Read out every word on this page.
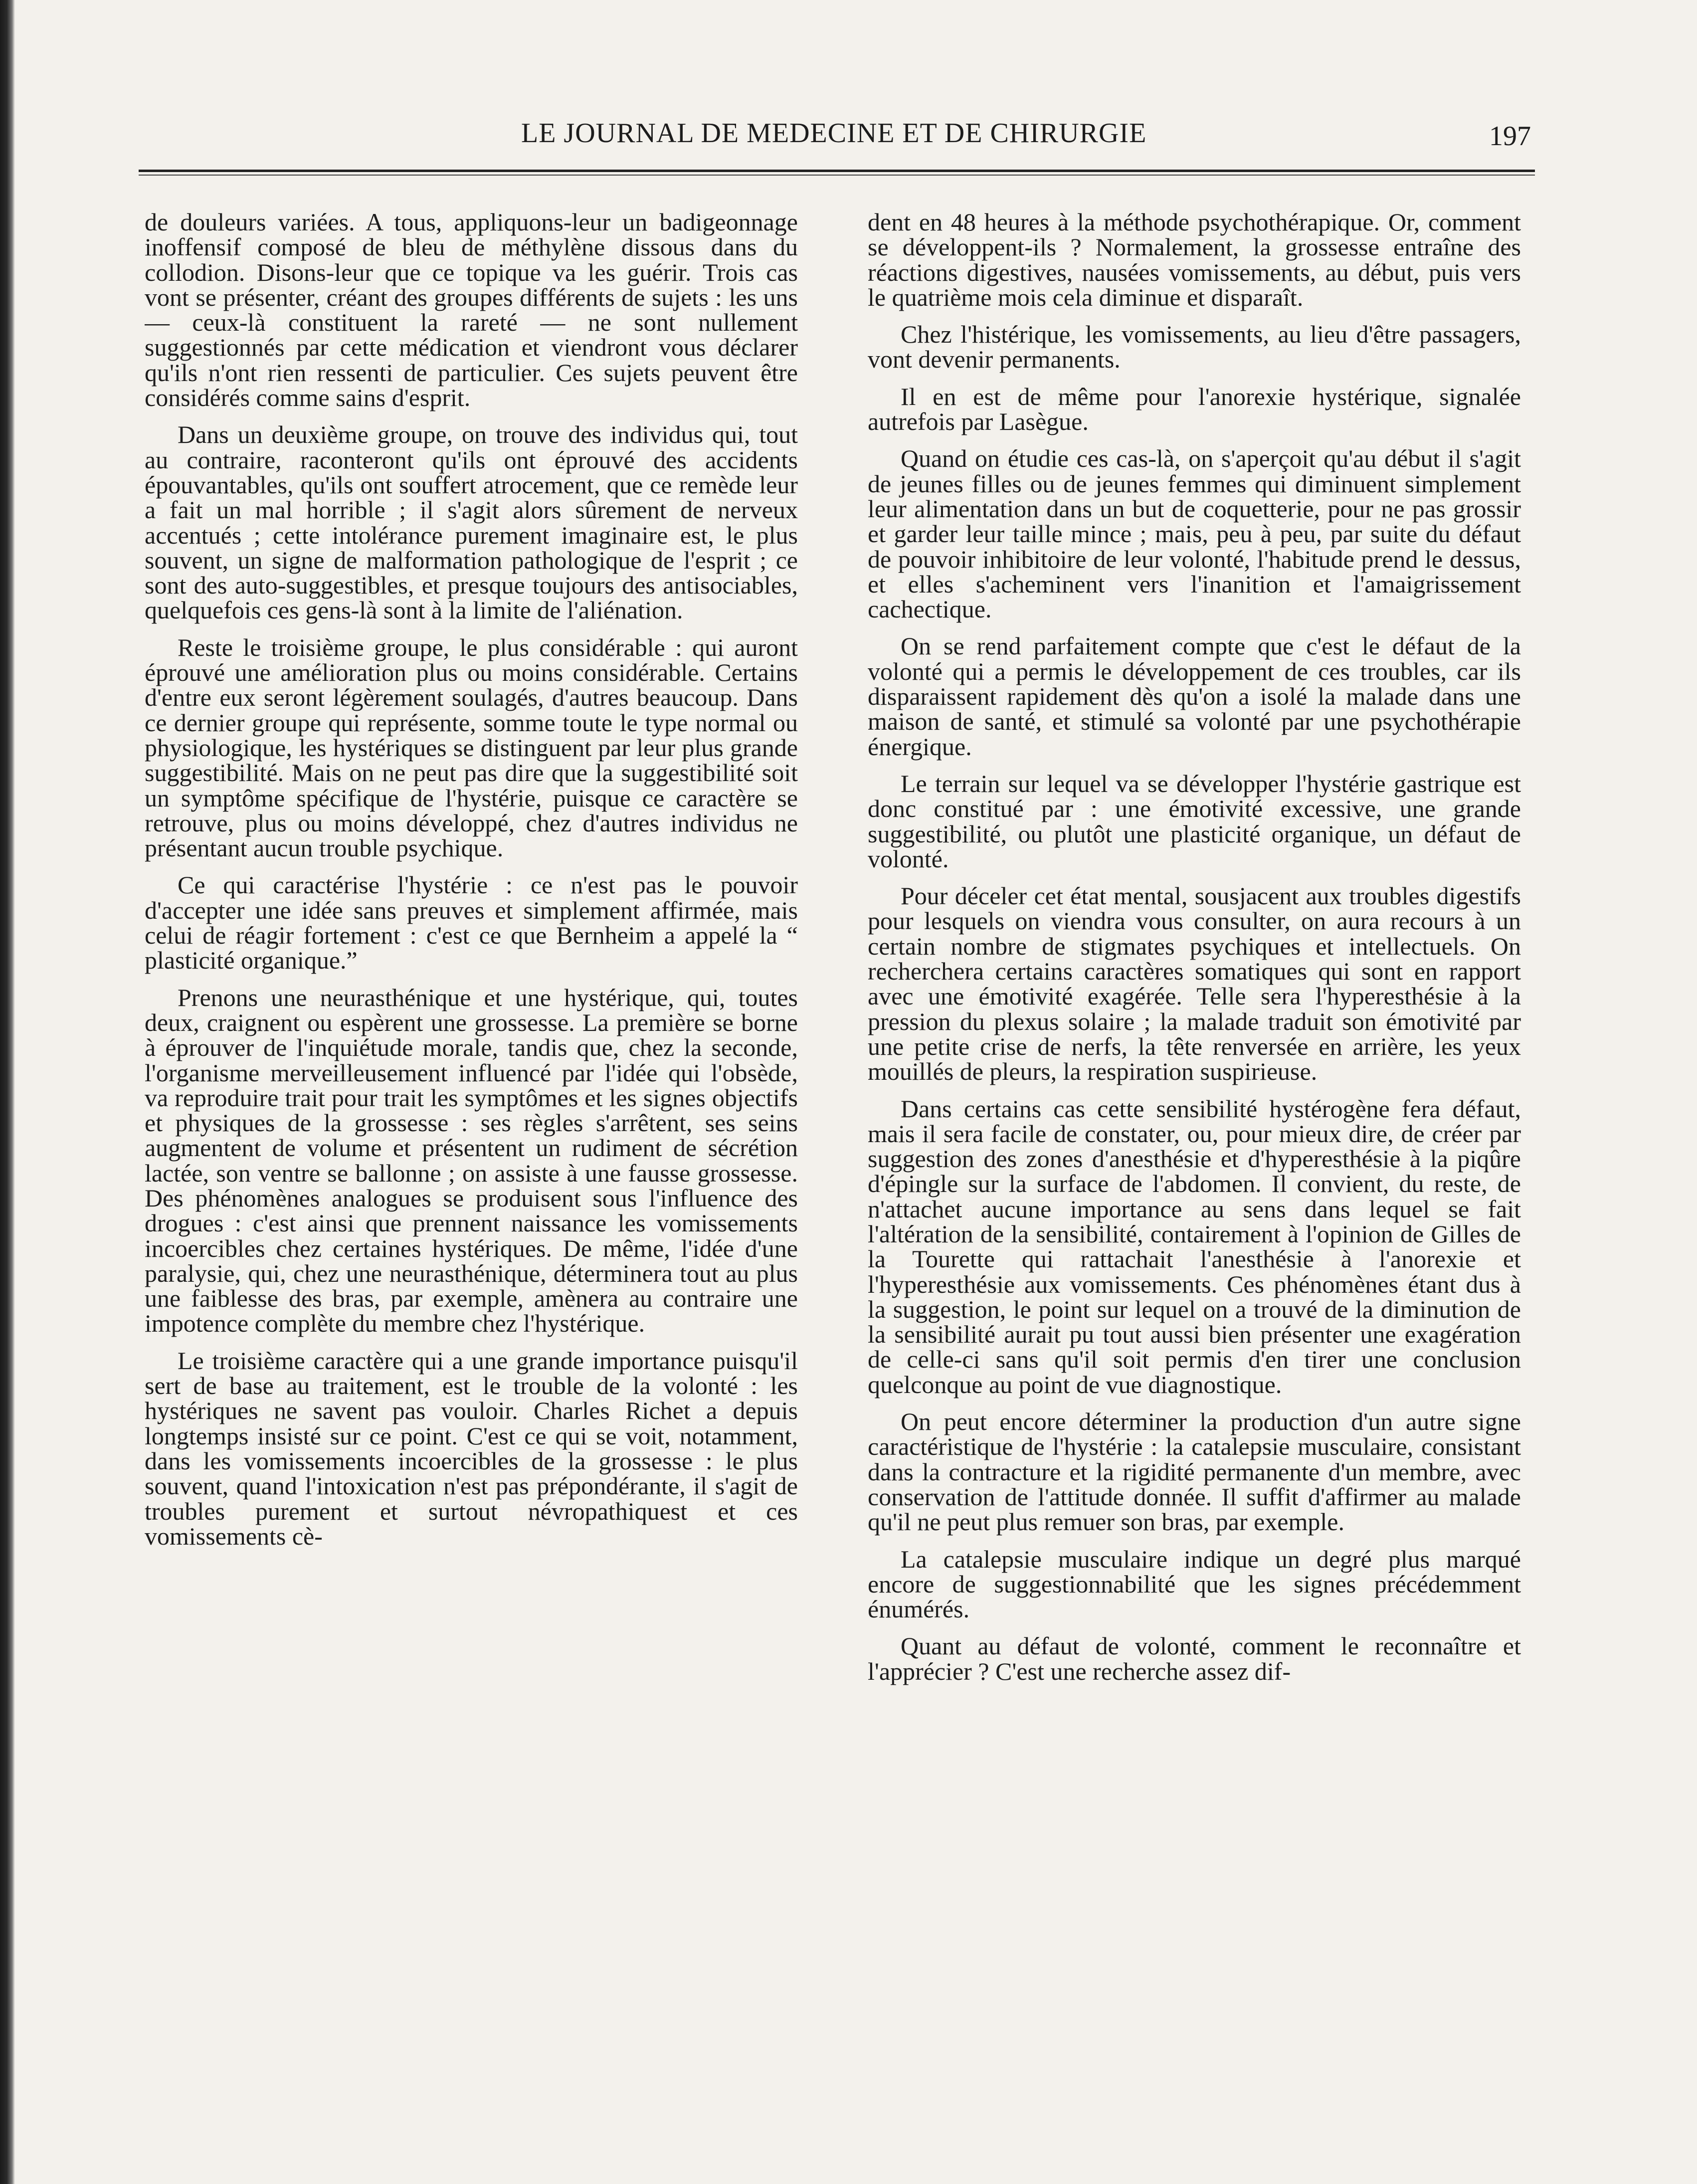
LE JOURNAL DE MEDECINE ET DE CHIRURGIE	197

de douleurs variées. A tous, appliquons-leur un badigeonnage inoffensif composé de bleu de méthylène dissous dans du collodion. Disons-leur que ce topique va les guérir. Trois cas vont se présenter, créant des groupes différents de sujets : les uns — ceux-là constituent la rareté — ne sont nullement suggestionnés par cette médication et viendront vous déclarer qu'ils n'ont rien ressenti de particulier. Ces sujets peuvent être considérés comme sains d'esprit.

Dans un deuxième groupe, on trouve des individus qui, tout au contraire, raconteront qu'ils ont éprouvé des accidents épouvantables, qu'ils ont souffert atrocement, que ce remède leur a fait un mal horrible ; il s'agit alors sûrement de nerveux accentués ; cette intolérance purement imaginaire est, le plus souvent, un signe de malformation pathologique de l'esprit ; ce sont des auto-suggestibles, et presque toujours des antisociables, quelquefois ces gens-là sont à la limite de l'aliénation.

Reste le troisième groupe, le plus considérable : qui auront éprouvé une amélioration plus ou moins considérable. Certains d'entre eux seront légèrement soulagés, d'autres beaucoup. Dans ce dernier groupe qui représente, somme toute le type normal ou physiologique, les hystériques se distinguent par leur plus grande suggestibilité. Mais on ne peut pas dire que la suggestibilité soit un symptôme spécifique de l'hystérie, puisque ce caractère se retrouve, plus ou moins développé, chez d'autres individus ne présentant aucun trouble psychique.

Ce qui caractérise l'hystérie : ce n'est pas le pouvoir d'accepter une idée sans preuves et simplement affirmée, mais celui de réagir fortement : c'est ce que Bernheim a appelé la “ plasticité organique.”

Prenons une neurasthénique et une hystérique, qui, toutes deux, craignent ou espèrent une grossesse. La première se borne à éprouver de l'inquiétude morale, tandis que, chez la seconde, l'organisme merveilleusement influencé par l'idée qui l'obsède, va reproduire trait pour trait les symptômes et les signes objectifs et physiques de la grossesse : ses règles s'arrêtent, ses seins augmentent de volume et présentent un rudiment de sécrétion lactée, son ventre se ballonne ; on assiste à une fausse grossesse. Des phénomènes analogues se produisent sous l'influence des drogues : c'est ainsi que prennent naissance les vomissements incoercibles chez certaines hystériques. De même, l'idée d'une paralysie, qui, chez une neurasthénique, déterminera tout au plus une faiblesse des bras, par exemple, amènera au contraire une impotence complète du membre chez l'hystérique.

Le troisième caractère qui a une grande importance puisqu'il sert de base au traitement, est le trouble de la volonté : les hystériques ne savent pas vouloir. Charles Richet a depuis longtemps insisté sur ce point. C'est ce qui se voit, notamment, dans les vomissements incoercibles de la grossesse : le plus souvent, quand l'intoxication n'est pas prépondérante, il s'agit de troubles purement et surtout névropathiquest et ces vomissements cè-

dent en 48 heures à la méthode psychothérapique. Or, comment se développent-ils ? Normalement, la grossesse entraîne des réactions digestives, nausées vomissements, au début, puis vers le quatrième mois cela diminue et disparaît.

Chez l'histérique, les vomissements, au lieu d'être passagers, vont devenir permanents.

Il en est de même pour l'anorexie hystérique, signalée autrefois par Lasègue.

Quand on étudie ces cas-là, on s'aperçoit qu'au début il s'agit de jeunes filles ou de jeunes femmes qui diminuent simplement leur alimentation dans un but de coquetterie, pour ne pas grossir et garder leur taille mince ; mais, peu à peu, par suite du défaut de pouvoir inhibitoire de leur volonté, l'habitude prend le dessus, et elles s'acheminent vers l'inanition et l'amaigrissement cachectique.

On se rend parfaitement compte que c'est le défaut de la volonté qui a permis le développement de ces troubles, car ils disparaissent rapidement dès qu'on a isolé la malade dans une maison de santé, et stimulé sa volonté par une psychothérapie énergique.

Le terrain sur lequel va se développer l'hystérie gastrique est donc constitué par : une émotivité excessive, une grande suggestibilité, ou plutôt une plasticité organique, un défaut de volonté.

Pour déceler cet état mental, sousjacent aux troubles digestifs pour lesquels on viendra vous consulter, on aura recours à un certain nombre de stigmates psychiques et intellectuels. On recherchera certains caractères somatiques qui sont en rapport avec une émotivité exagérée. Telle sera l'hyperesthésie à la pression du plexus solaire ; la malade traduit son émotivité par une petite crise de nerfs, la tête renversée en arrière, les yeux mouillés de pleurs, la respiration suspirieuse.

Dans certains cas cette sensibilité hystérogène fera défaut, mais il sera facile de constater, ou, pour mieux dire, de créer par suggestion des zones d'anesthésie et d'hyperesthésie à la piqûre d'épingle sur la surface de l'abdomen. Il convient, du reste, de n'attachet aucune importance au sens dans lequel se fait l'altération de la sensibilité, contairement à l'opinion de Gilles de la Tourette qui rattachait l'anesthésie à l'anorexie et l'hyperesthésie aux vomissements. Ces phénomènes étant dus à la suggestion, le point sur lequel on a trouvé de la diminution de la sensibilité aurait pu tout aussi bien présenter une exagération de celle-ci sans qu'il soit permis d'en tirer une conclusion quelconque au point de vue diagnostique.

On peut encore déterminer la production d'un autre signe caractéristique de l'hystérie : la catalepsie musculaire, consistant dans la contracture et la rigidité permanente d'un membre, avec conservation de l'attitude donnée. Il suffit d'affirmer au malade qu'il ne peut plus remuer son bras, par exemple.

La catalepsie musculaire indique un degré plus marqué encore de suggestionnabilité que les signes précédemment énumérés.

Quant au défaut de volonté, comment le reconnaître et l'apprécier ? C'est une recherche assez dif-
